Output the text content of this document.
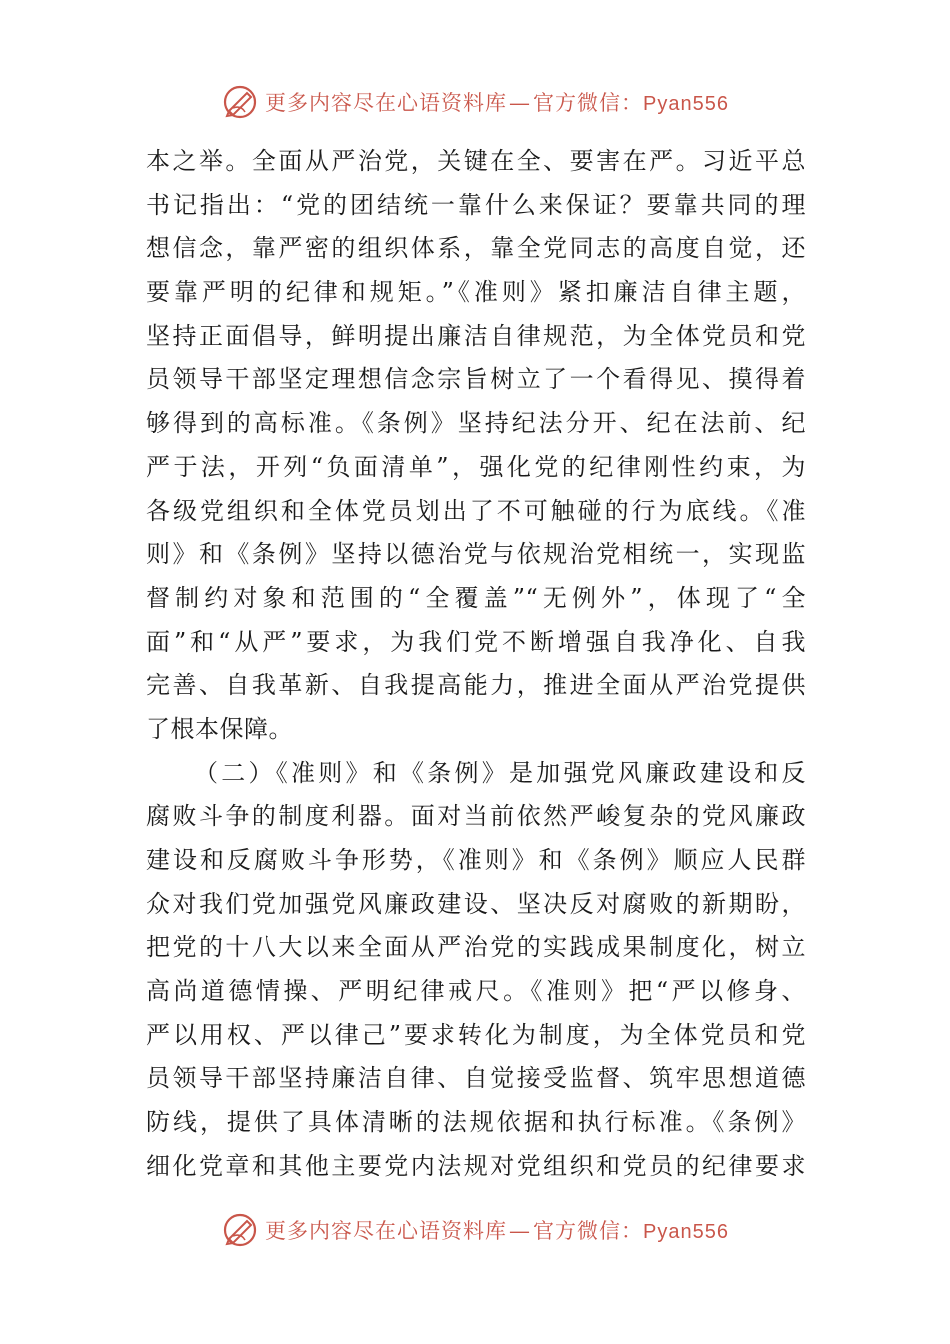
更多内容尽在心语资料库—官方微信：Pyan556
本之举。全面从严治党，关键在全、要害在严。习近平总
书记指出：“党的团结统一靠什么来保证？要靠共同的理
想信念，靠严密的组织体系，靠全党同志的高度自觉，还
要靠严明的纪律和规矩。”《准则》紧扣廉洁自律主题，
坚持正面倡导，鲜明提出廉洁自律规范，为全体党员和党
员领导干部坚定理想信念宗旨树立了一个看得见、摸得着
够得到的高标准。《条例》坚持纪法分开、纪在法前、纪
严于法，开列“负面清单”，强化党的纪律刚性约束，为
各级党组织和全体党员划出了不可触碰的行为底线。《准
则》和《条例》坚持以德治党与依规治党相统一，实现监
督制约对象和范围的“全覆盖”“无例外”，体现了“全
面”和“从严”要求，为我们党不断增强自我净化、自我
完善、自我革新、自我提高能力，推进全面从严治党提供
了根本保障。
（二）《准则》和《条例》是加强党风廉政建设和反
腐败斗争的制度利器。面对当前依然严峻复杂的党风廉政
建设和反腐败斗争形势，《准则》和《条例》顺应人民群
众对我们党加强党风廉政建设、坚决反对腐败的新期盼，
把党的十八大以来全面从严治党的实践成果制度化，树立
高尚道德情操、严明纪律戒尺。《准则》把“严以修身、
严以用权、严以律己”要求转化为制度，为全体党员和党
员领导干部坚持廉洁自律、自觉接受监督、筑牢思想道德
防线，提供了具体清晰的法规依据和执行标准。《条例》
细化党章和其他主要党内法规对党组织和党员的纪律要求
更多内容尽在心语资料库—官方微信：Pyan556
